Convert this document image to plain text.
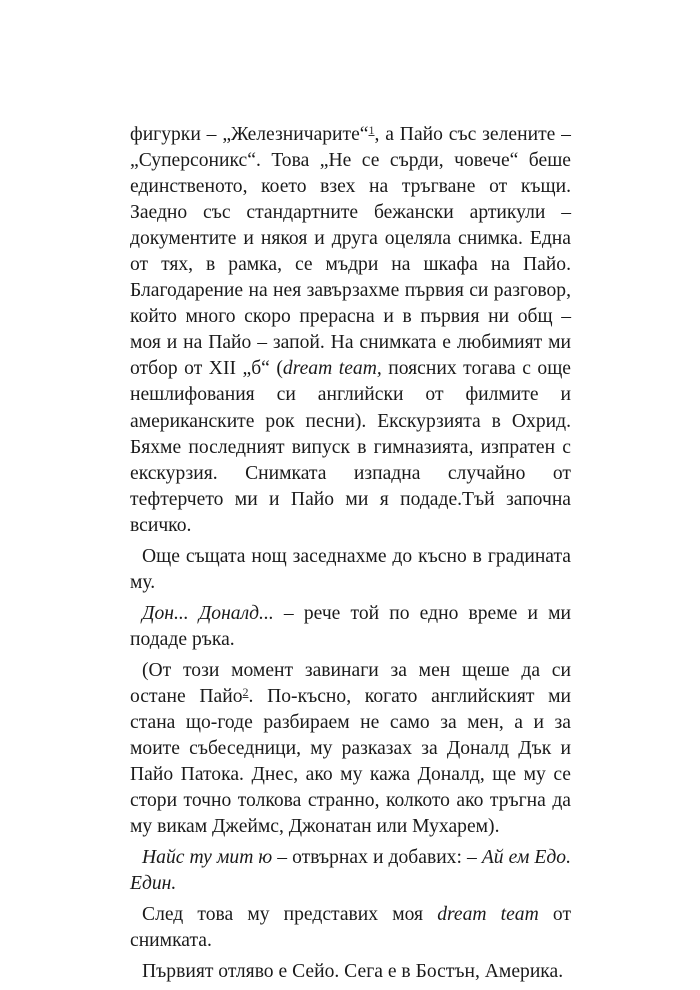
фигурки – „Железничарите“$^1$, а Пайо със зелените – „Суперсоникс“. Това „Не се сърди, човече“ беше единственото, което взех на тръгване от къщи. Заедно със стандартните бежански артикули – документите и някоя и друга оцеляла снимка. Една от тях, в рамка, се мъдри на шкафа на Пайо. Благодарение на нея завързахме първия си разговор, който много скоро прерасна и в първия ни общ – моя и на Пайо – запой. На снимката е любимият ми отбор от XII „б“ (dream team, поясних тогава с още нешлифования си английски от филмите и американските рок песни). Екскурзията в Охрид. Бяхме последният випуск в гимназията, изпратен с екскурзия. Снимката изпадна случайно от тефтерчето ми и Пайо ми я подаде.Тъй започна всичко.

Още същата нощ заседнахме до късно в градината му.

Дон... Доналд... – рече той по едно време и ми подаде ръка.

(От този момент завинаги за мен щеше да си остане Пайо$^2$. По-късно, когато английският ми стана що-годе разбираем не само за мен, а и за моите събеседници, му разказах за Доналд Дък и Пайо Патока. Днес, ако му кажа Доналд, ще му се стори точно толкова странно, колкото ако тръгна да му викам Джеймс, Джонатан или Мухарем).

Найс ту мит ю – отвърнах и добавих: – Ай ем Едо. Един.

След това му представих моя dream team от снимката.

Първият отляво е Сейо. Сега е в Бостън, Америка.
